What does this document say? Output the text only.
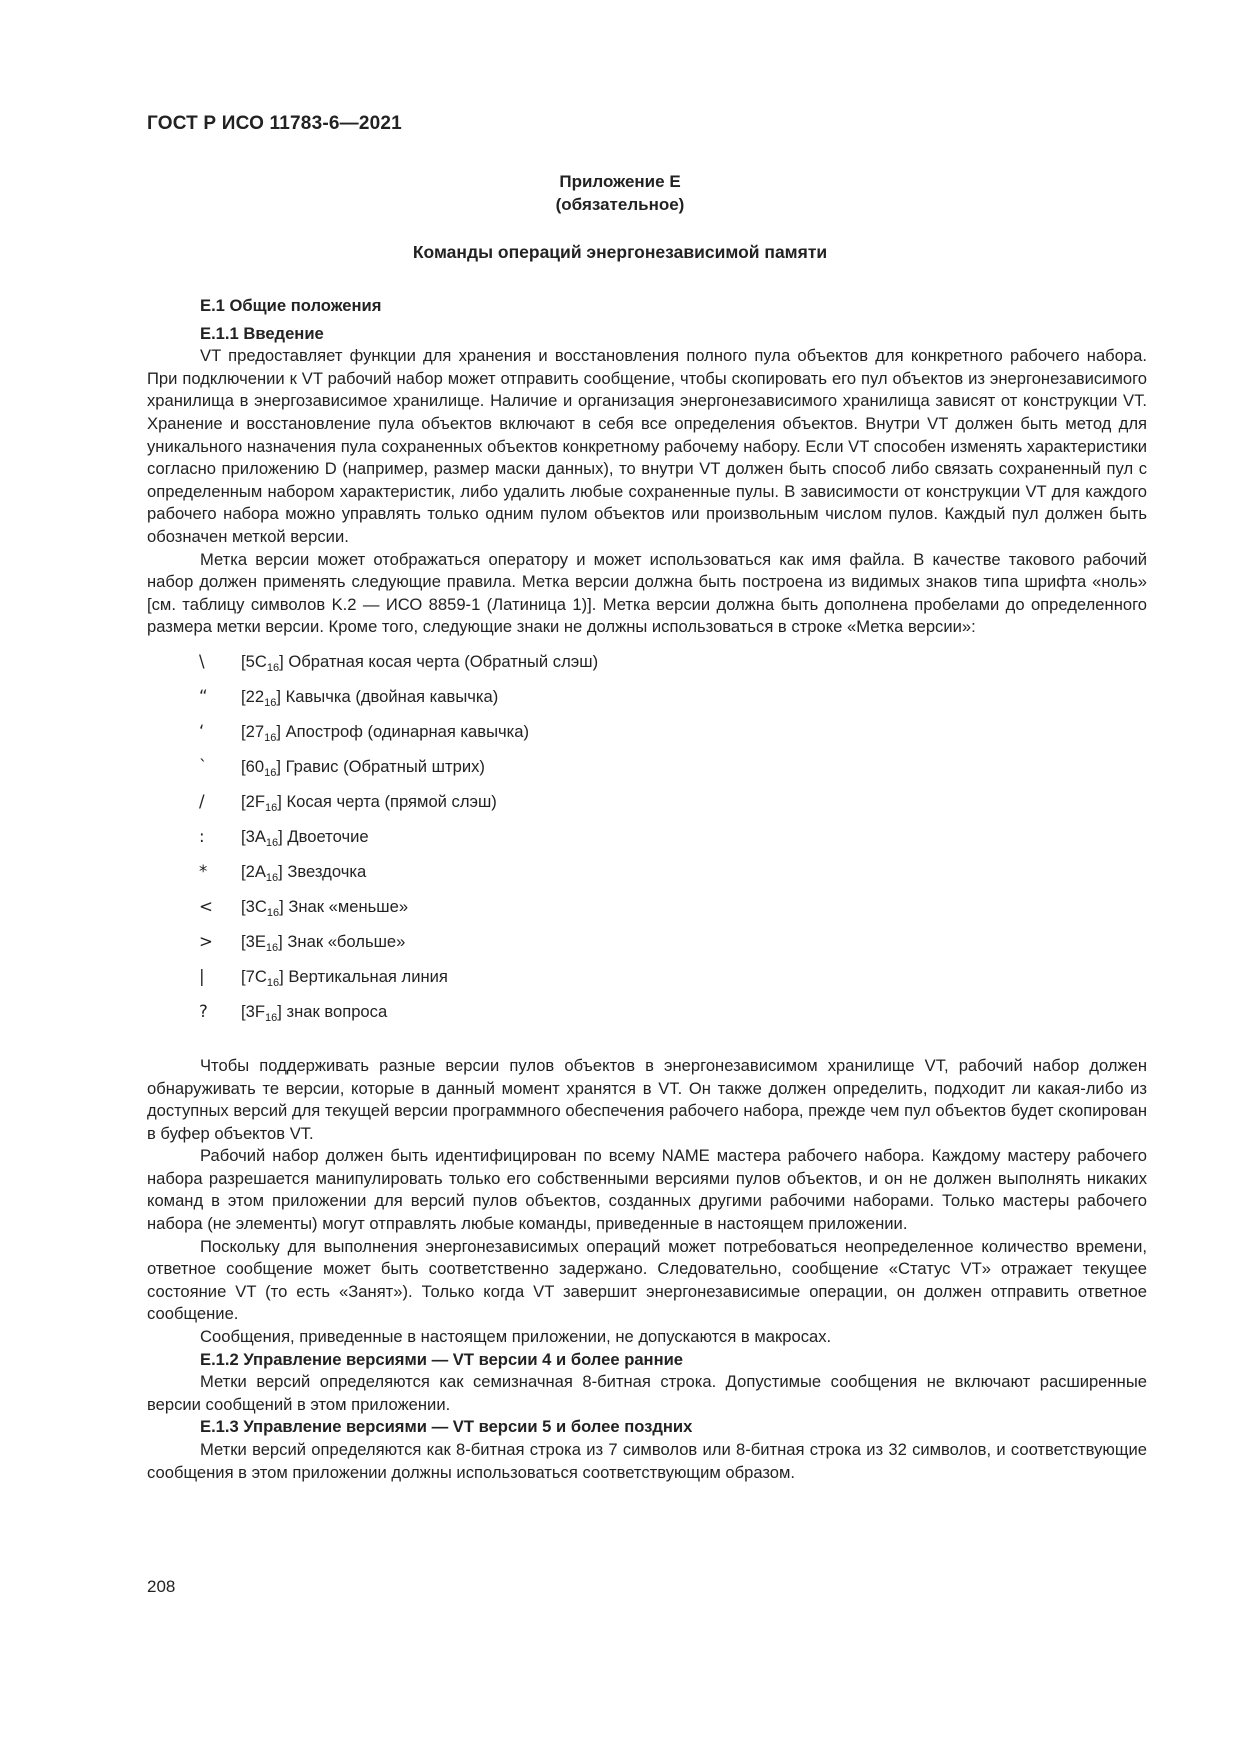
ГОСТ Р ИСО 11783-6—2021
Приложение Е
(обязательное)
Команды операций энергонезависимой памяти
Е.1 Общие положения
Е.1.1 Введение

VT предоставляет функции для хранения и восстановления полного пула объектов для конкретного рабочего набора. При подключении к VT рабочий набор может отправить сообщение, чтобы скопировать его пул объектов из энергонезависимого хранилища в энергозависимое хранилище. Наличие и организация энергонезависимого хранилища зависят от конструкции VT. Хранение и восстановление пула объектов включают в себя все определения объектов. Внутри VT должен быть метод для уникального назначения пула сохраненных объектов конкретному рабочему набору. Если VT способен изменять характеристики согласно приложению D (например, размер маски данных), то внутри VT должен быть способ либо связать сохраненный пул с определенным набором характеристик, либо удалить любые сохраненные пулы. В зависимости от конструкции VT для каждого рабочего набора можно управлять только одним пулом объектов или произвольным числом пулов. Каждый пул должен быть обозначен меткой версии.

Метка версии может отображаться оператору и может использоваться как имя файла. В качестве такового рабочий набор должен применять следующие правила. Метка версии должна быть построена из видимых знаков типа шрифта «ноль» [см. таблицу символов K.2 — ИСО 8859-1 (Латиница 1)]. Метка версии должна быть дополнена пробелами до определенного размера метки версии. Кроме того, следующие знаки не должны использоваться в строке «Метка версии»:

\	$[5C_{16}]$ Обратная косая черта (Обратный слэш)
“	$[22_{16}]$ Кавычка (двойная кавычка)
‘	$[27_{16}]$ Апостроф (одинарная кавычка)
`	$[60_{16}]$ Гравис (Обратный штрих)
/	$[2F_{16}]$ Косая черта (прямой слэш)
:	$[3A_{16}]$ Двоеточие
*	$[2A_{16}]$ Звездочка
<	$[3C_{16}]$ Знак «меньше»
>	$[3E_{16}]$ Знак «больше»
|	$[7C_{16}]$ Вертикальная линия
?	$[3F_{16}]$ знак вопроса

Чтобы поддерживать разные версии пулов объектов в энергонезависимом хранилище VT, рабочий набор должен обнаруживать те версии, которые в данный момент хранятся в VT. Он также должен определить, подходит ли какая-либо из доступных версий для текущей версии программного обеспечения рабочего набора, прежде чем пул объектов будет скопирован в буфер объектов VT.

Рабочий набор должен быть идентифицирован по всему NAME мастера рабочего набора. Каждому мастеру рабочего набора разрешается манипулировать только его собственными версиями пулов объектов, и он не должен выполнять никаких команд в этом приложении для версий пулов объектов, созданных другими рабочими наборами. Только мастеры рабочего набора (не элементы) могут отправлять любые команды, приведенные в настоящем приложении.

Поскольку для выполнения энергонезависимых операций может потребоваться неопределенное количество времени, ответное сообщение может быть соответственно задержано. Следовательно, сообщение «Статус VT» отражает текущее состояние VT (то есть «Занят»). Только когда VT завершит энергонезависимые операции, он должен отправить ответное сообщение.

Сообщения, приведенные в настоящем приложении, не допускаются в макросах.

Е.1.2 Управление версиями — VT версии 4 и более ранние

Метки версий определяются как семизначная 8-битная строка. Допустимые сообщения не включают расширенные версии сообщений в этом приложении.

Е.1.3 Управление версиями — VT версии 5 и более поздних

Метки версий определяются как 8-битная строка из 7 символов или 8-битная строка из 32 символов, и соответствующие сообщения в этом приложении должны использоваться соответствующим образом.

208
